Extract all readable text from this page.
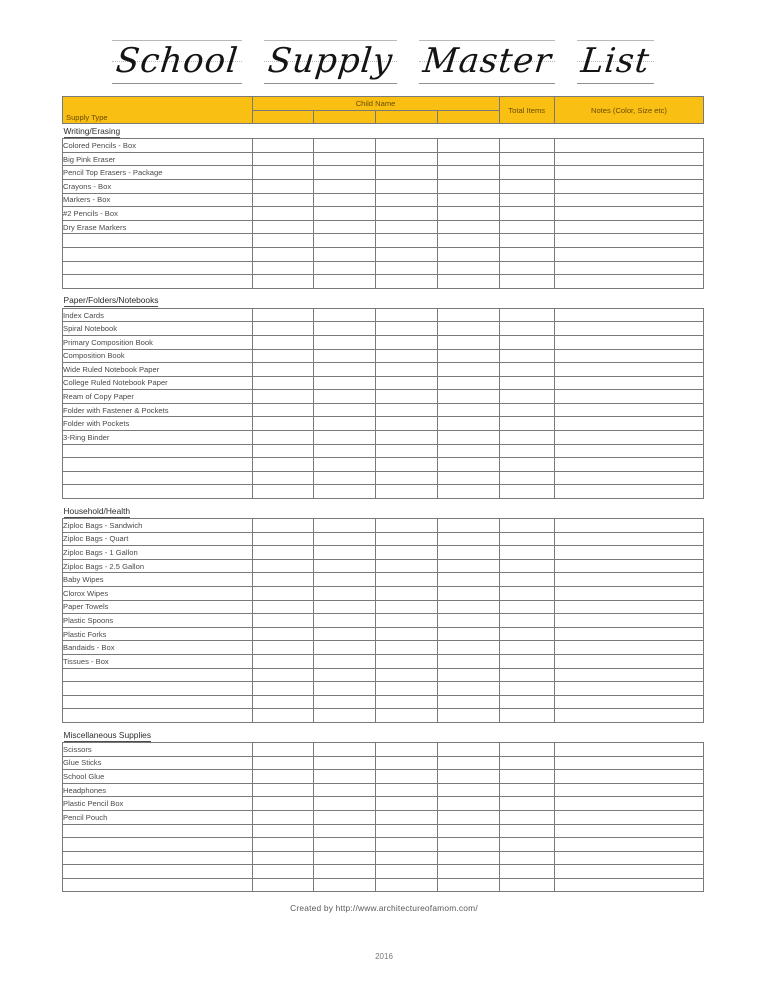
School Supply Master List
Supply Type	Child Name				Total Items	Notes (Color, Size etc)

Writing/Erasing						
Colored Pencils - Box						
Big Pink Eraser						
Pencil Top Erasers - Package						
Crayons - Box						
Markers - Box						
#2 Pencils - Box						
Dry Erase Markers						

Paper/Folders/Notebooks						
Index Cards						
Spiral Notebook						
Primary Composition Book						
Composition Book						
Wide Ruled Notebook Paper						
College Ruled Notebook Paper						
Ream of Copy Paper						
Folder with Fastener & Pockets						
Folder with Pockets						
3-Ring Binder						

Household/Health						
Ziploc Bags - Sandwich						
Ziploc Bags - Quart						
Ziploc Bags - 1 Gallon						
Ziploc Bags - 2.5 Gallon						
Baby Wipes						
Clorox Wipes						
Paper Towels						
Plastic Spoons						
Plastic Forks						
Bandaids - Box						
Tissues - Box						

Miscellaneous Supplies						
Scissors						
Glue Sticks						
School Glue						
Headphones						
Plastic Pencil Box						
Pencil Pouch						

Created by http://www.architectureofamom.com/
2016
